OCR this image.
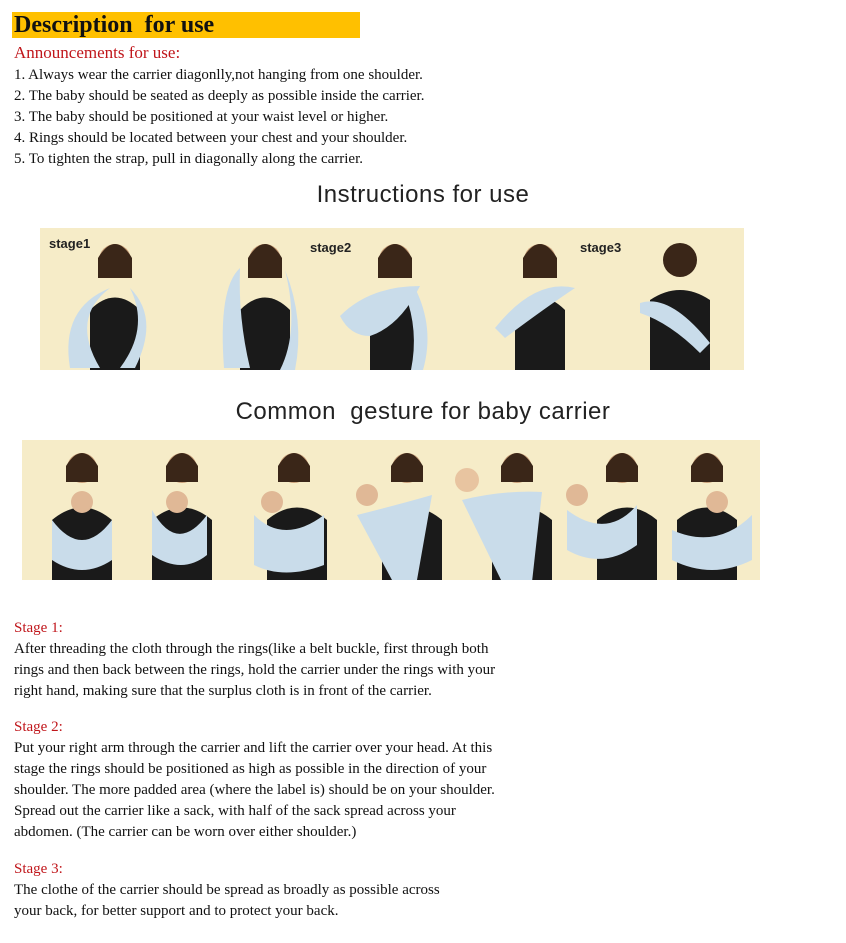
Description  for use
Announcements for use:
1. Always wear the carrier diagonlly,not hanging from one shoulder.
2. The baby should be seated as deeply as possible inside the carrier.
3. The baby should be positioned at your waist level or higher.
4. Rings should be located between your chest and your shoulder.
5. To tighten the strap, pull in diagonally along the carrier.
Instructions for use
stage1	stage2	stage3
Common  gesture for baby carrier
Stage 1:
After threading the cloth through the rings(like a belt buckle, first through both
rings and then back between the rings, hold the carrier under the rings with your
right hand, making sure that the surplus cloth is in front of the carrier.
Stage 2:
Put your right arm through the carrier and lift the carrier over your head. At this
stage the rings should be positioned as high as possible in the direction of your
shoulder. The more padded area (where the label is) should be on your shoulder.
Spread out the carrier like a sack, with half of the sack spread across your
abdomen. (The carrier can be worn over either shoulder.)
Stage 3:
The clothe of the carrier should be spread as broadly as possible across
your back, for better support and to protect your back.
